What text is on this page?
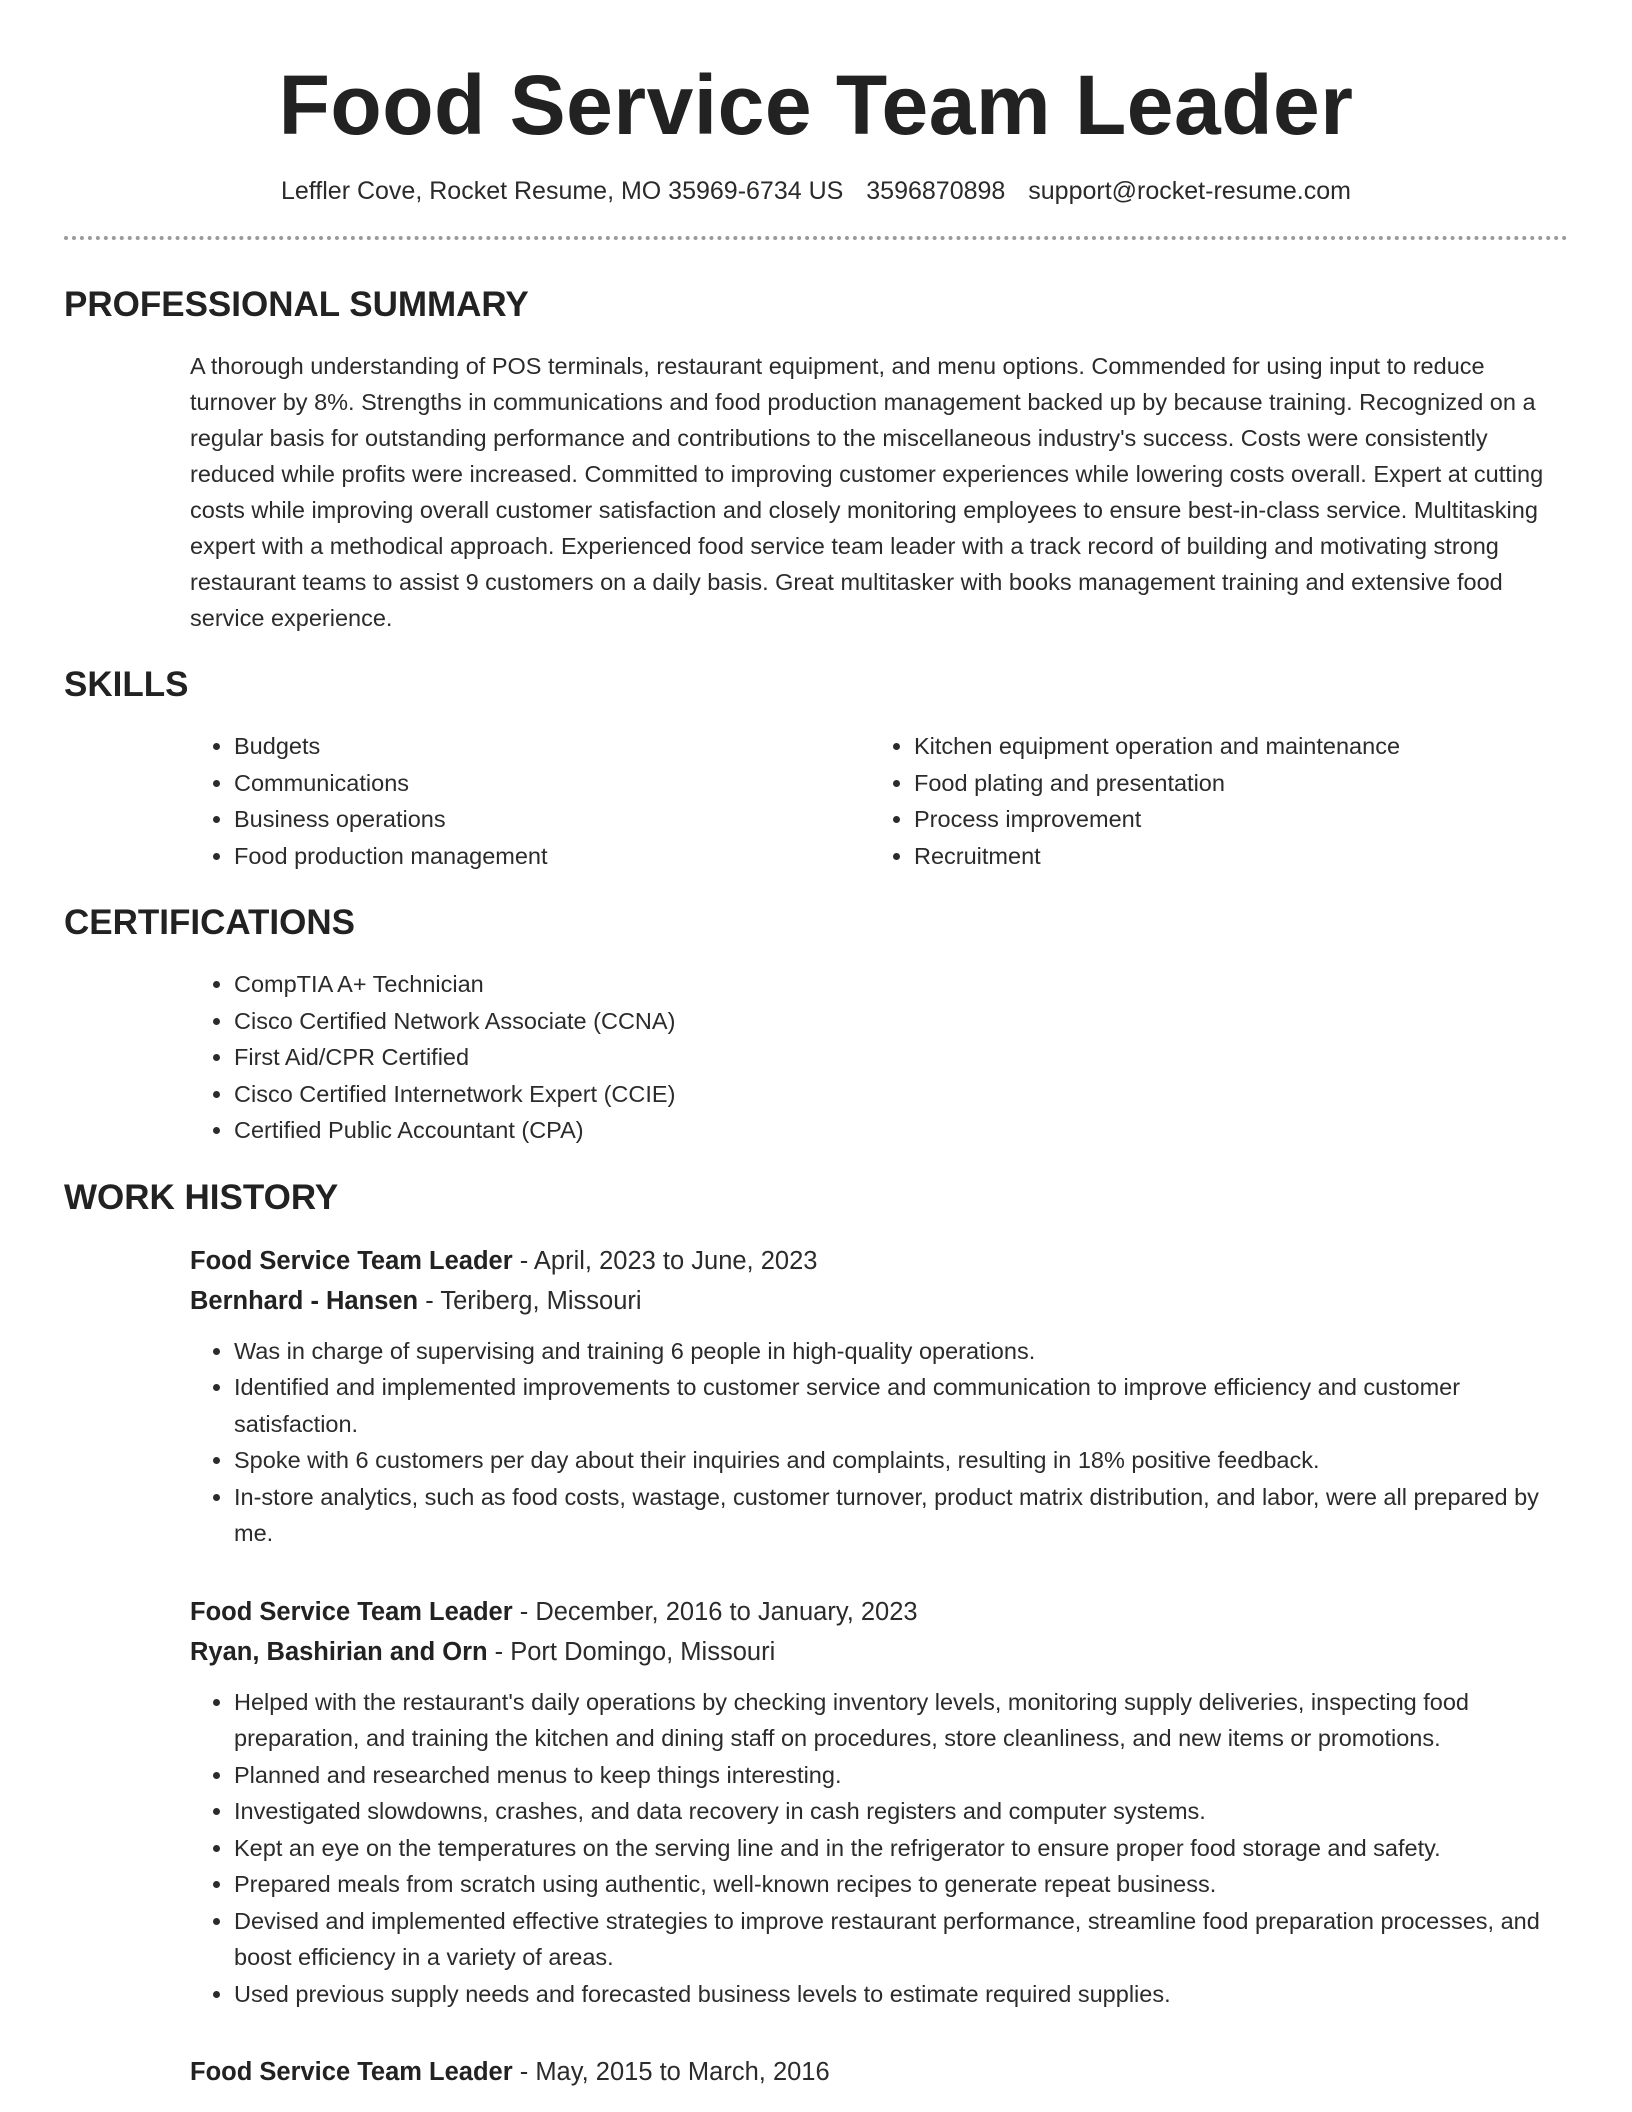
Food Service Team Leader
Leffler Cove, Rocket Resume, MO 35969-6734 US 3596870898 support@rocket-resume.com
PROFESSIONAL SUMMARY
A thorough understanding of POS terminals, restaurant equipment, and menu options. Commended for using input to reduce turnover by 8%. Strengths in communications and food production management backed up by because training. Recognized on a regular basis for outstanding performance and contributions to the miscellaneous industry's success. Costs were consistently reduced while profits were increased. Committed to improving customer experiences while lowering costs overall. Expert at cutting costs while improving overall customer satisfaction and closely monitoring employees to ensure best-in-class service. Multitasking expert with a methodical approach. Experienced food service team leader with a track record of building and motivating strong restaurant teams to assist 9 customers on a daily basis. Great multitasker with books management training and extensive food service experience.
SKILLS
• Budgets
• Communications
• Business operations
• Food production management
• Kitchen equipment operation and maintenance
• Food plating and presentation
• Process improvement
• Recruitment
CERTIFICATIONS
• CompTIA A+ Technician
• Cisco Certified Network Associate (CCNA)
• First Aid/CPR Certified
• Cisco Certified Internetwork Expert (CCIE)
• Certified Public Accountant (CPA)
WORK HISTORY
Food Service Team Leader - April, 2023 to June, 2023
Bernhard - Hansen - Teriberg, Missouri
• Was in charge of supervising and training 6 people in high-quality operations.
• Identified and implemented improvements to customer service and communication to improve efficiency and customer satisfaction.
• Spoke with 6 customers per day about their inquiries and complaints, resulting in 18% positive feedback.
• In-store analytics, such as food costs, wastage, customer turnover, product matrix distribution, and labor, were all prepared by me.
Food Service Team Leader - December, 2016 to January, 2023
Ryan, Bashirian and Orn - Port Domingo, Missouri
• Helped with the restaurant's daily operations by checking inventory levels, monitoring supply deliveries, inspecting food preparation, and training the kitchen and dining staff on procedures, store cleanliness, and new items or promotions.
• Planned and researched menus to keep things interesting.
• Investigated slowdowns, crashes, and data recovery in cash registers and computer systems.
• Kept an eye on the temperatures on the serving line and in the refrigerator to ensure proper food storage and safety.
• Prepared meals from scratch using authentic, well-known recipes to generate repeat business.
• Devised and implemented effective strategies to improve restaurant performance, streamline food preparation processes, and boost efficiency in a variety of areas.
• Used previous supply needs and forecasted business levels to estimate required supplies.
Food Service Team Leader - May, 2015 to March, 2016
